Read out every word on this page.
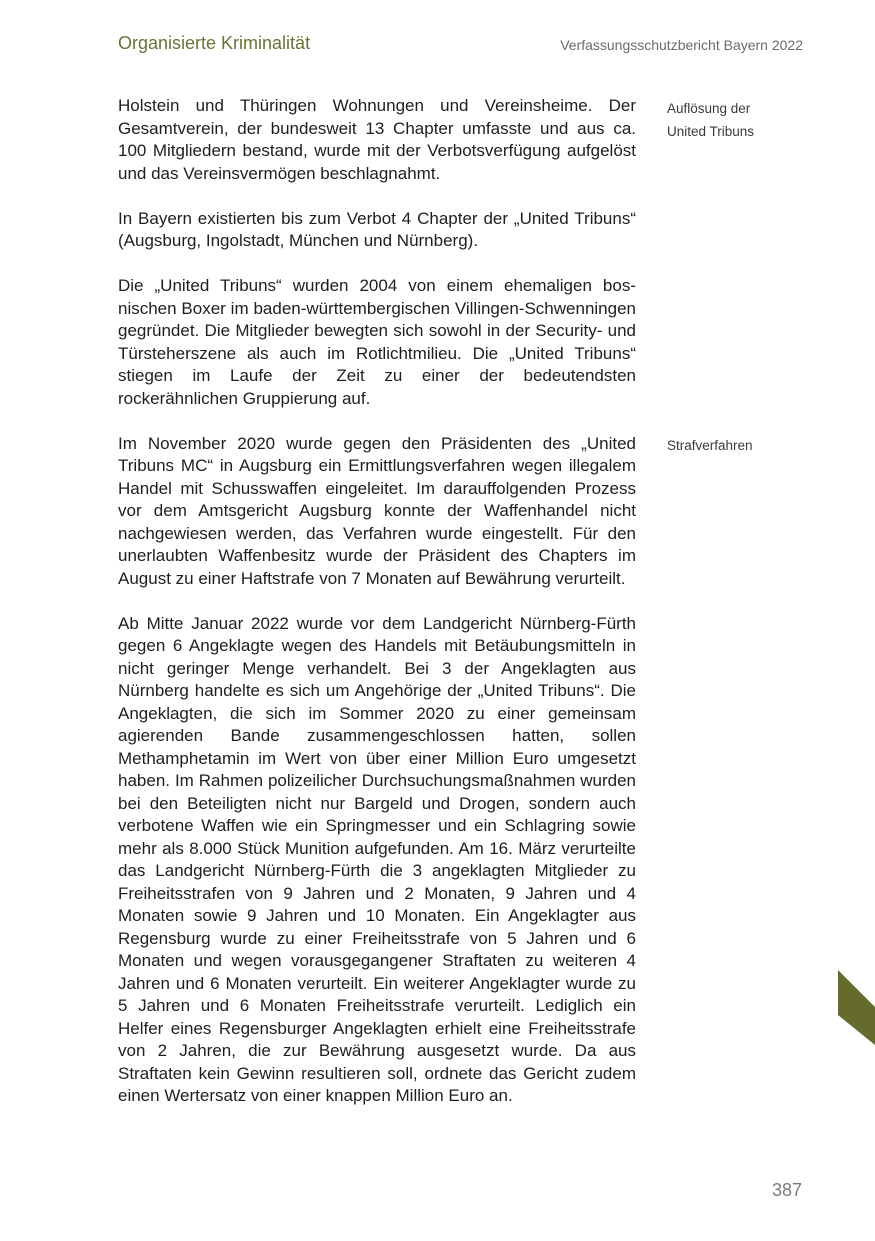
Organisierte Kriminalität	Verfassungsschutzbericht Bayern 2022

Holstein und Thüringen Wohnungen und Vereinsheime. Der Gesamtverein, der bundesweit 13 Chapter umfasste und aus ca. 100 Mitgliedern bestand, wurde mit der Verbotsverfügung aufgelöst und das Vereinsvermögen beschlagnahmt.

In Bayern existierten bis zum Verbot 4 Chapter der „United Tribuns“ (Augsburg, Ingolstadt, München und Nürnberg).

Die „United Tribuns“ wurden 2004 von einem ehemaligen bosnischen Boxer im baden-württembergischen Villingen-Schwenningen gegründet. Die Mitglieder bewegten sich sowohl in der Security- und Türsteherszene als auch im Rotlichtmilieu. Die „United Tribuns“ stiegen im Laufe der Zeit zu einer der bedeutendsten rockerähnlichen Gruppierung auf.

Im November 2020 wurde gegen den Präsidenten des „United Tribuns MC“ in Augsburg ein Ermittlungsverfahren wegen illegalem Handel mit Schusswaffen eingeleitet. Im darauffolgenden Prozess vor dem Amtsgericht Augsburg konnte der Waffenhandel nicht nachgewiesen werden, das Verfahren wurde eingestellt. Für den unerlaubten Waffenbesitz wurde der Präsident des Chapters im August zu einer Haftstrafe von 7 Monaten auf Bewährung verurteilt.

Ab Mitte Januar 2022 wurde vor dem Landgericht Nürnberg-Fürth gegen 6 Angeklagte wegen des Handels mit Betäubungsmitteln in nicht geringer Menge verhandelt. Bei 3 der Angeklagten aus Nürnberg handelte es sich um Angehörige der „United Tribuns“. Die Angeklagten, die sich im Sommer 2020 zu einer gemeinsam agierenden Bande zusammengeschlossen hatten, sollen Methamphetamin im Wert von über einer Million Euro umgesetzt haben. Im Rahmen polizeilicher Durchsuchungsmaßnahmen wurden bei den Beteiligten nicht nur Bargeld und Drogen, sondern auch verbotene Waffen wie ein Springmesser und ein Schlagring sowie mehr als 8.000 Stück Munition aufgefunden. Am 16. März verurteilte das Landgericht Nürnberg-Fürth die 3 angeklagten Mitglieder zu Freiheitsstrafen von 9 Jahren und 2 Monaten, 9 Jahren und 4 Monaten sowie 9 Jahren und 10 Monaten. Ein Angeklagter aus Regensburg wurde zu einer Freiheitsstrafe von 5 Jahren und 6 Monaten und wegen vorausgegangener Straftaten zu weiteren 4 Jahren und 6 Monaten verurteilt. Ein weiterer Angeklagter wurde zu 5 Jahren und 6 Monaten Freiheitsstrafe verurteilt. Lediglich ein Helfer eines Regensburger Angeklagten erhielt eine Freiheitsstrafe von 2 Jahren, die zur Bewährung ausgesetzt wurde. Da aus Straftaten kein Gewinn resultieren soll, ordnete das Gericht zudem einen Wertersatz von einer knappen Million Euro an.

Auflösung der
United Tribuns
Strafverfahren
387
